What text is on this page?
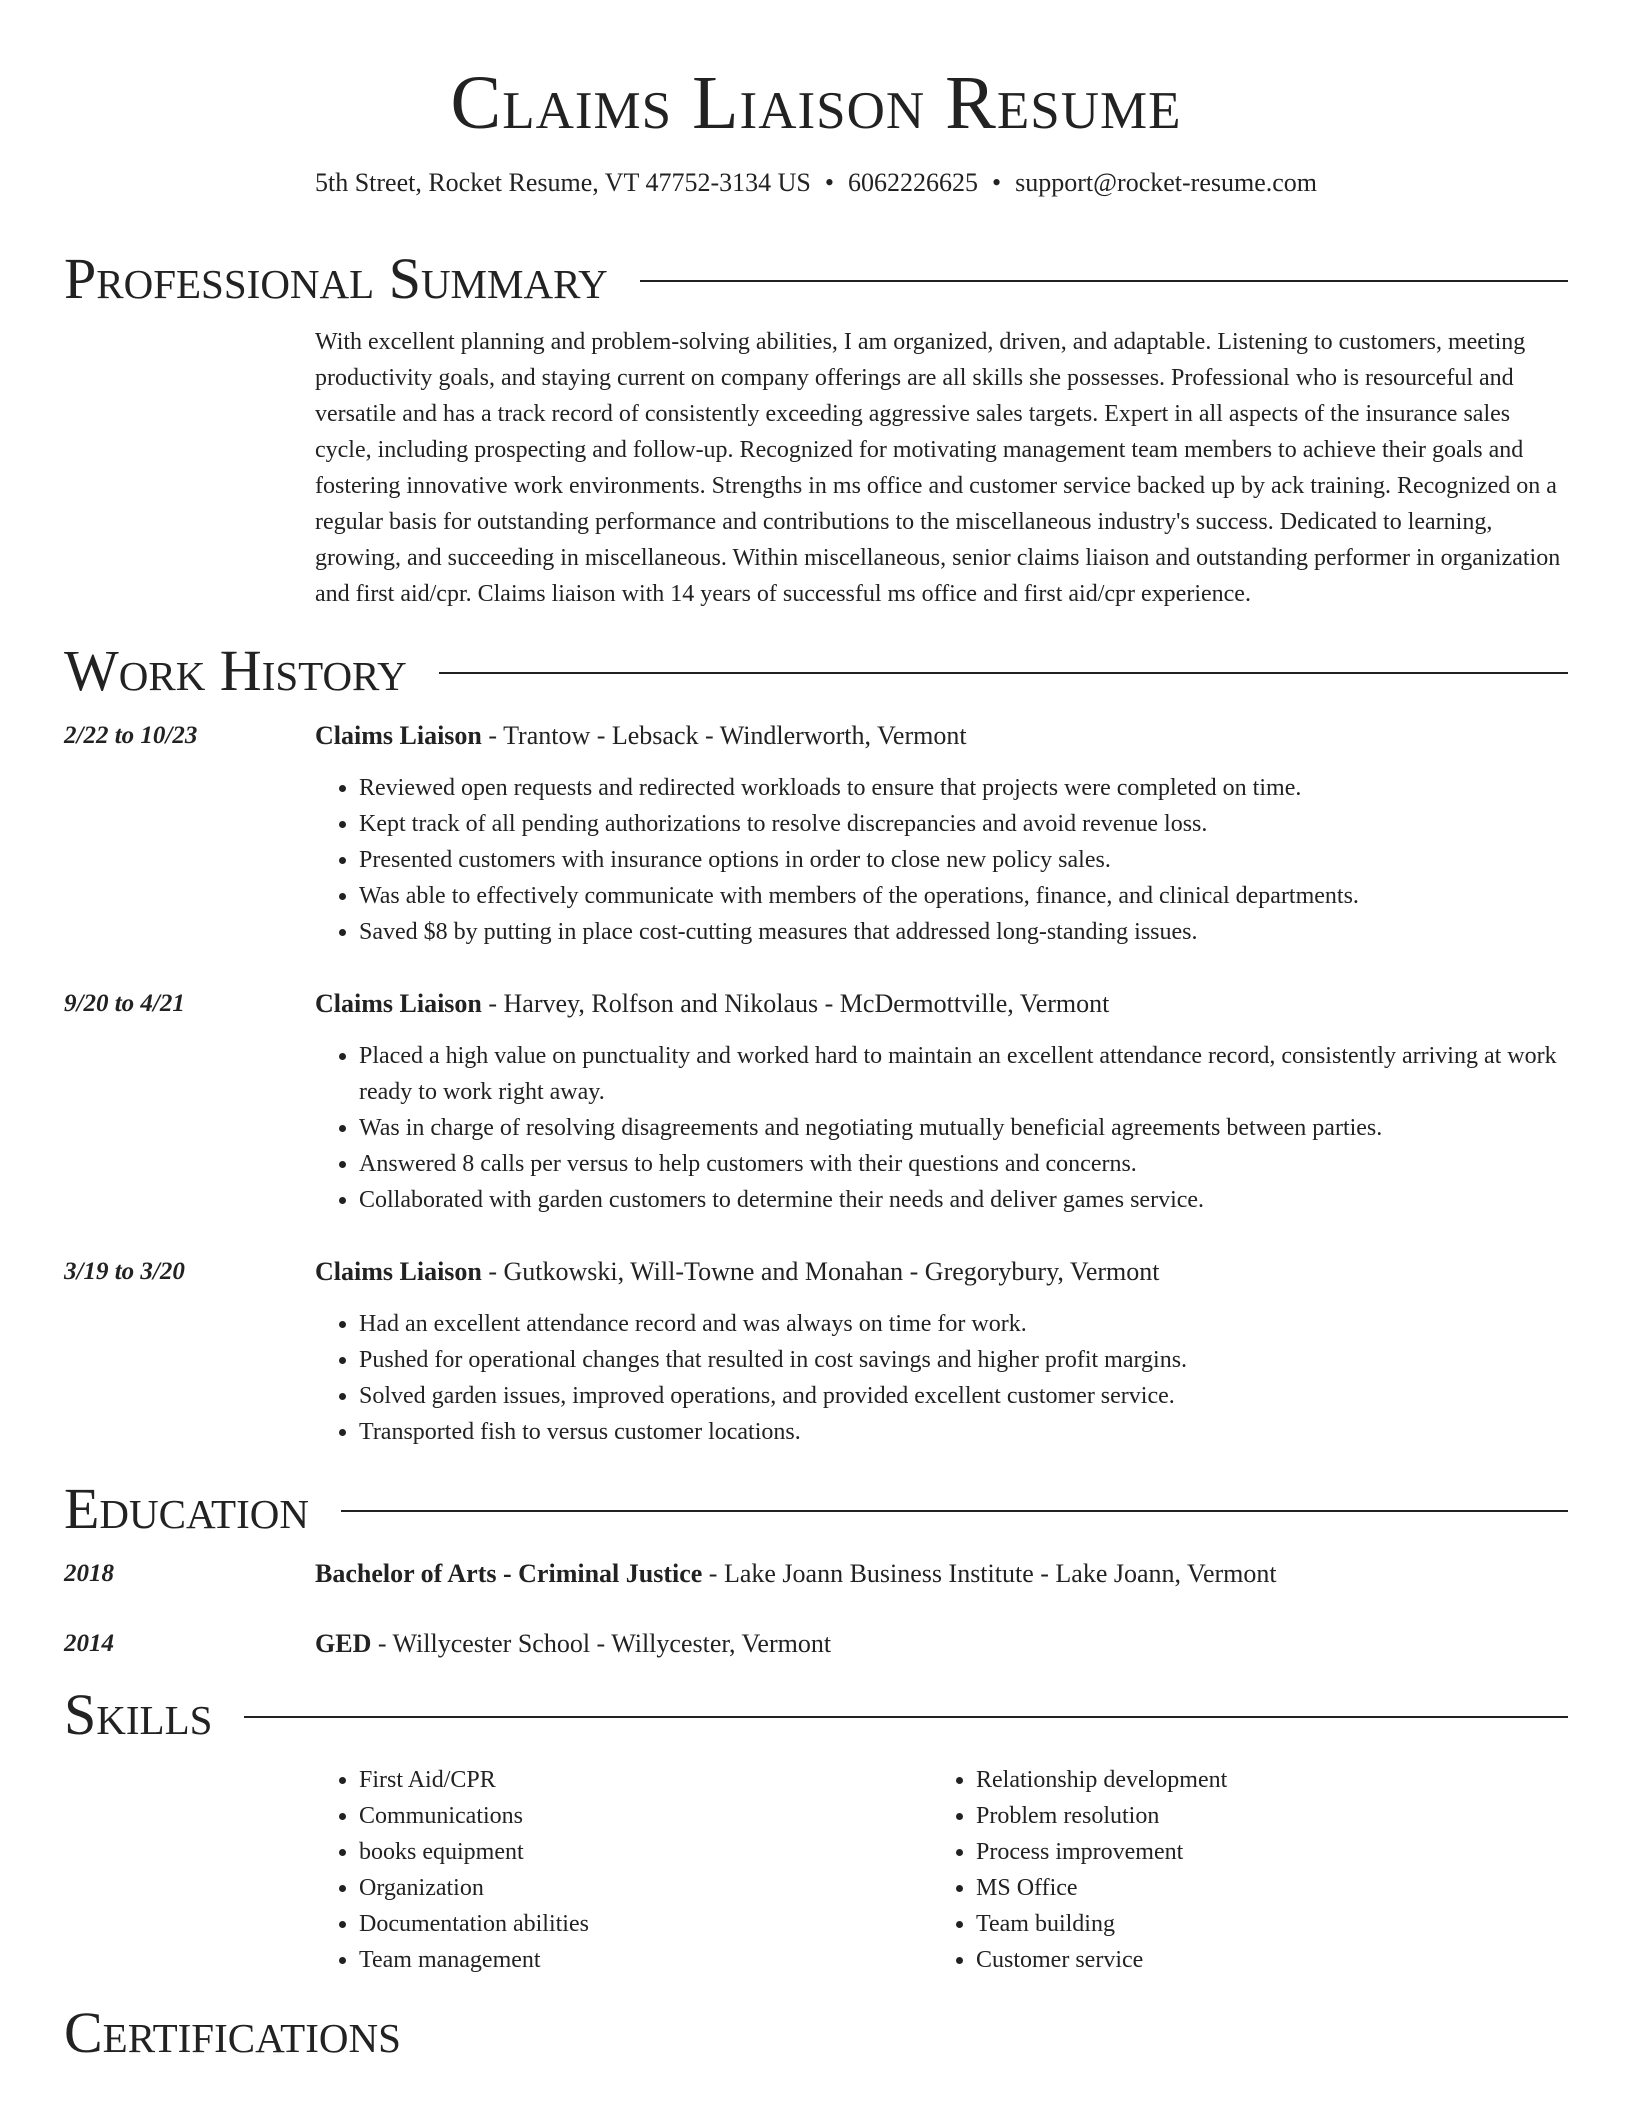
Claims Liaison Resume
5th Street, Rocket Resume, VT 47752-3134 US • 6062226625 • support@rocket-resume.com
Professional Summary

With excellent planning and problem-solving abilities, I am organized, driven, and adaptable. Listening to customers, meeting productivity goals, and staying current on company offerings are all skills she possesses. Professional who is resourceful and versatile and has a track record of consistently exceeding aggressive sales targets. Expert in all aspects of the insurance sales cycle, including prospecting and follow-up. Recognized for motivating management team members to achieve their goals and fostering innovative work environments. Strengths in ms office and customer service backed up by ack training. Recognized on a regular basis for outstanding performance and contributions to the miscellaneous industry's success. Dedicated to learning, growing, and succeeding in miscellaneous. Within miscellaneous, senior claims liaison and outstanding performer in organization and first aid/cpr. Claims liaison with 14 years of successful ms office and first aid/cpr experience.

Work History
2/22 to 10/23	Claims Liaison - Trantow - Lebsack - Windlerworth, Vermont
• Reviewed open requests and redirected workloads to ensure that projects were completed on time.
• Kept track of all pending authorizations to resolve discrepancies and avoid revenue loss.
• Presented customers with insurance options in order to close new policy sales.
• Was able to effectively communicate with members of the operations, finance, and clinical departments.
• Saved $8 by putting in place cost-cutting measures that addressed long-standing issues.
9/20 to 4/21	Claims Liaison - Harvey, Rolfson and Nikolaus - McDermottville, Vermont
• Placed a high value on punctuality and worked hard to maintain an excellent attendance record, consistently arriving at work ready to work right away.
• Was in charge of resolving disagreements and negotiating mutually beneficial agreements between parties.
• Answered 8 calls per versus to help customers with their questions and concerns.
• Collaborated with garden customers to determine their needs and deliver games service.
3/19 to 3/20	Claims Liaison - Gutkowski, Will-Towne and Monahan - Gregorybury, Vermont
• Had an excellent attendance record and was always on time for work.
• Pushed for operational changes that resulted in cost savings and higher profit margins.
• Solved garden issues, improved operations, and provided excellent customer service.
• Transported fish to versus customer locations.
Education
2018	Bachelor of Arts - Criminal Justice - Lake Joann Business Institute - Lake Joann, Vermont
2014	GED - Willycester School - Willycester, Vermont
Skills
• First Aid/CPR
• Communications
• books equipment
• Organization
• Documentation abilities
• Team management
• Relationship development
• Problem resolution
• Process improvement
• MS Office
• Team building
• Customer service
Certifications
